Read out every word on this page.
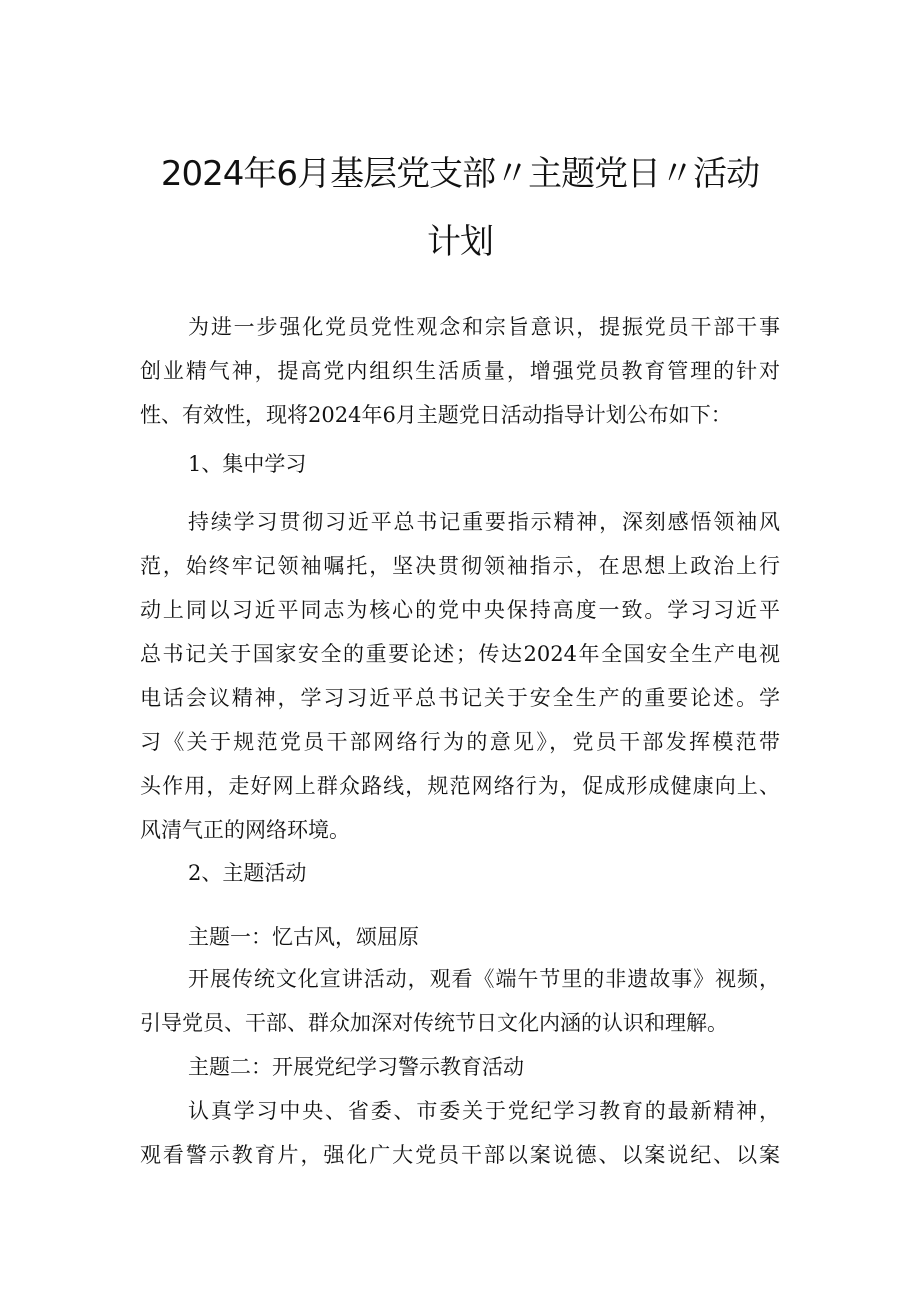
2024年6月基层党支部〃主题党日〃活动
计划
为进一步强化党员党性观念和宗旨意识，提振党员干部干事
创业精气神，提高党内组织生活质量，增强党员教育管理的针对
性、有效性，现将2024年6月主题党日活动指导计划公布如下：
1、集中学习
持续学习贯彻习近平总书记重要指示精神，深刻感悟领袖风
范，始终牢记领袖嘱托，坚决贯彻领袖指示，在思想上政治上行
动上同以习近平同志为核心的党中央保持高度一致。学习习近平
总书记关于国家安全的重要论述；传达2024年全国安全生产电视
电话会议精神，学习习近平总书记关于安全生产的重要论述。学
习《关于规范党员干部网络行为的意见》，党员干部发挥模范带
头作用，走好网上群众路线，规范网络行为，促成形成健康向上、
风清气正的网络环境。
2、主题活动
主题一：忆古风，颂屈原
开展传统文化宣讲活动，观看《端午节里的非遗故事》视频，
引导党员、干部、群众加深对传统节日文化内涵的认识和理解。
主题二：开展党纪学习警示教育活动
认真学习中央、省委、市委关于党纪学习教育的最新精神，
观看警示教育片，强化广大党员干部以案说德、以案说纪、以案
